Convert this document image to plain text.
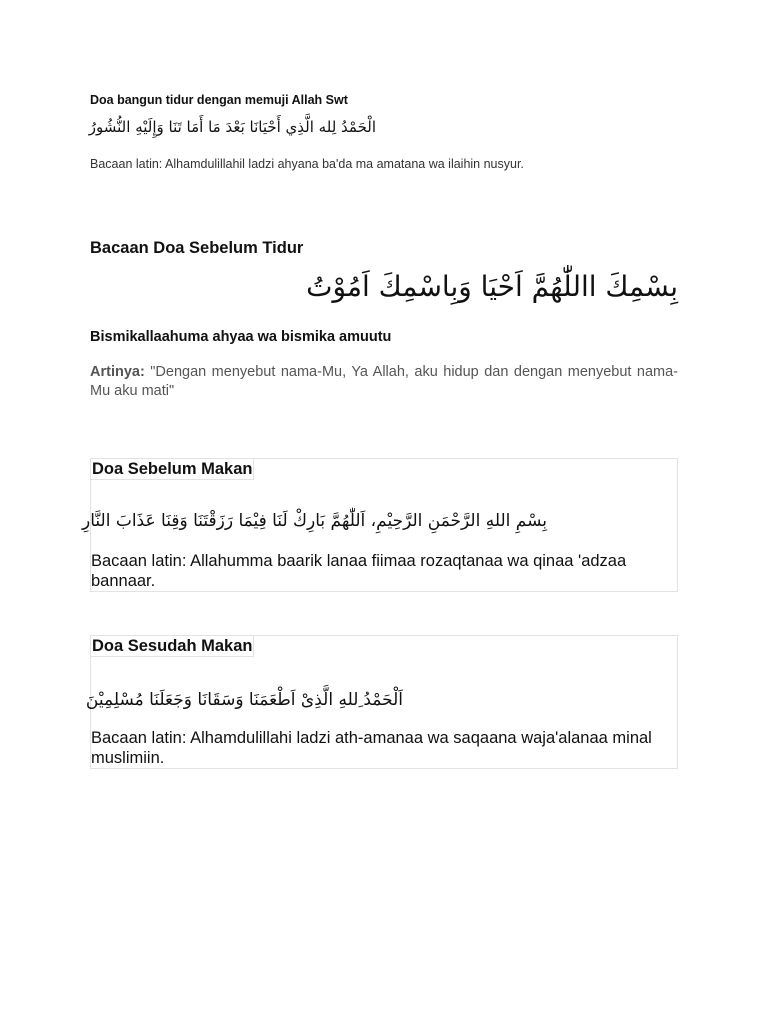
Doa bangun tidur dengan memuji Allah Swt
الْحَمْدُ لِله الَّذِي أَحْيَانَا بَعْدَ مَا أَمَا تَنَا وَإِلَيْهِ النُّشُورُ
Bacaan latin: Alhamdulillahil ladzi ahyana ba'da ma amatana wa ilaihin nusyur.
Bacaan Doa Sebelum Tidur
بِسْمِكَ االلّٰهُمَّ اَحْيَا وَبِاسْمِكَ اَمُوْتُ
Bismikallaahuma ahyaa wa bismika amuutu
Artinya: "Dengan menyebut nama-Mu, Ya Allah, aku hidup dan dengan menyebut nama-Mu aku mati"
Doa Sebelum Makan
بِسْمِ اللهِ الرَّحْمَنِ الرَّحِيْمِ، اَللّٰهُمَّ بَارِكْ لَنَا فِيْمَا رَزَقْتَنَا وَقِنَا عَذَابَ النَّارِ
Bacaan latin: Allahumma baarik lanaa fiimaa rozaqtanaa wa qinaa 'adzaa bannaar.
Doa Sesudah Makan
اَلْحَمْدُ ِللهِ الَّذِىْ اَطْعَمَنَا وَسَقَانَا وَجَعَلَنَا مُسْلِمِيْنَ
Bacaan latin: Alhamdulillahi ladzi ath-amanaa wa saqaana waja'alanaa minal muslimiin.
